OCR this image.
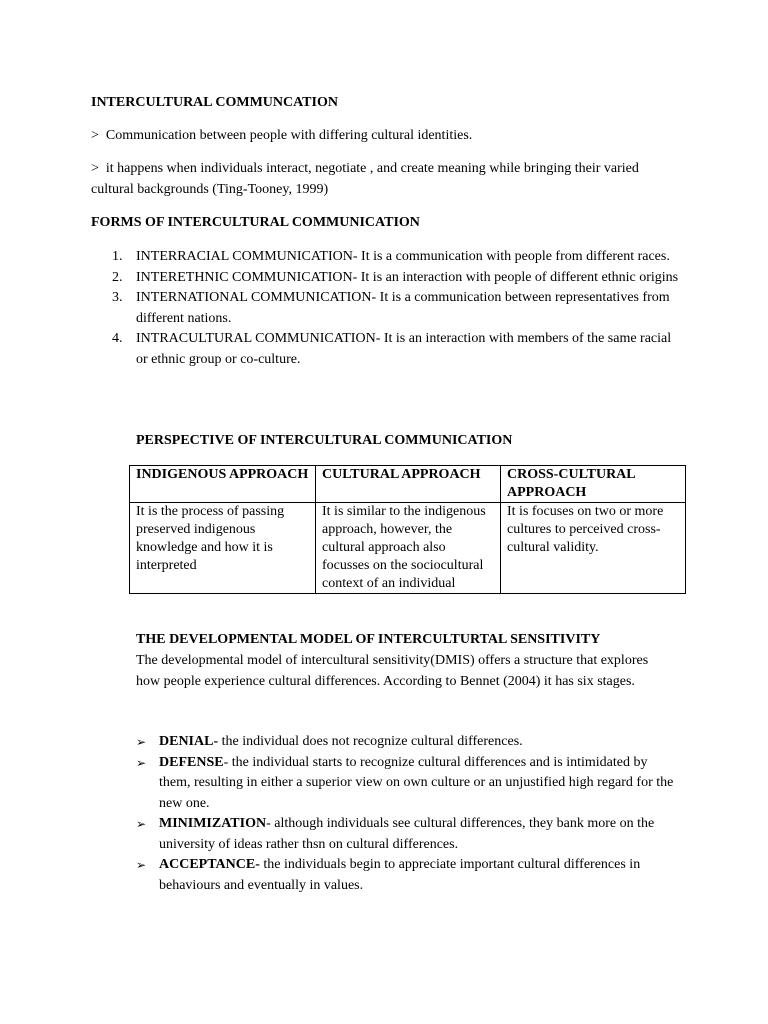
INTERCULTURAL COMMUNCATION

> Communication between people with differing cultural identities.

> it happens when individuals interact, negotiate , and create meaning while bringing their varied cultural backgrounds (Ting-Tooney, 1999)

FORMS OF INTERCULTURAL COMMUNICATION

1. INTERRACIAL COMMUNICATION- It is a communication with people from different races.
2. INTERETHNIC COMMUNICATION- It is an interaction with people of different ethnic origins
3. INTERNATIONAL COMMUNICATION- It is a communication between representatives from different nations.
4. INTRACULTURAL COMMUNICATION- It is an interaction with members of the same racial or ethnic group or co-culture.

PERSPECTIVE OF INTERCULTURAL COMMUNICATION

INDIGENOUS APPROACH	CULTURAL APPROACH	CROSS-CULTURAL APPROACH
It is the process of passing preserved indigenous knowledge and how it is interpreted	It is similar to the indigenous approach, however, the cultural approach also focusses on the sociocultural context of an individual	It is focuses on two or more cultures to perceived cross-cultural validity.

THE DEVELOPMENTAL MODEL OF INTERCULTURTAL SENSITIVITY

The developmental model of intercultural sensitivity(DMIS) offers a structure that explores how people experience cultural differences. According to Bennet (2004) it has six stages.

➢ DENIAL- the individual does not recognize cultural differences.
➢ DEFENSE- the individual starts to recognize cultural differences and is intimidated by them, resulting in either a superior view on own culture or an unjustified high regard for the new one.
➢ MINIMIZATION- although individuals see cultural differences, they bank more on the university of ideas rather thsn on cultural differences.
➢ ACCEPTANCE- the individuals begin to appreciate important cultural differences in behaviours and eventually in values.
